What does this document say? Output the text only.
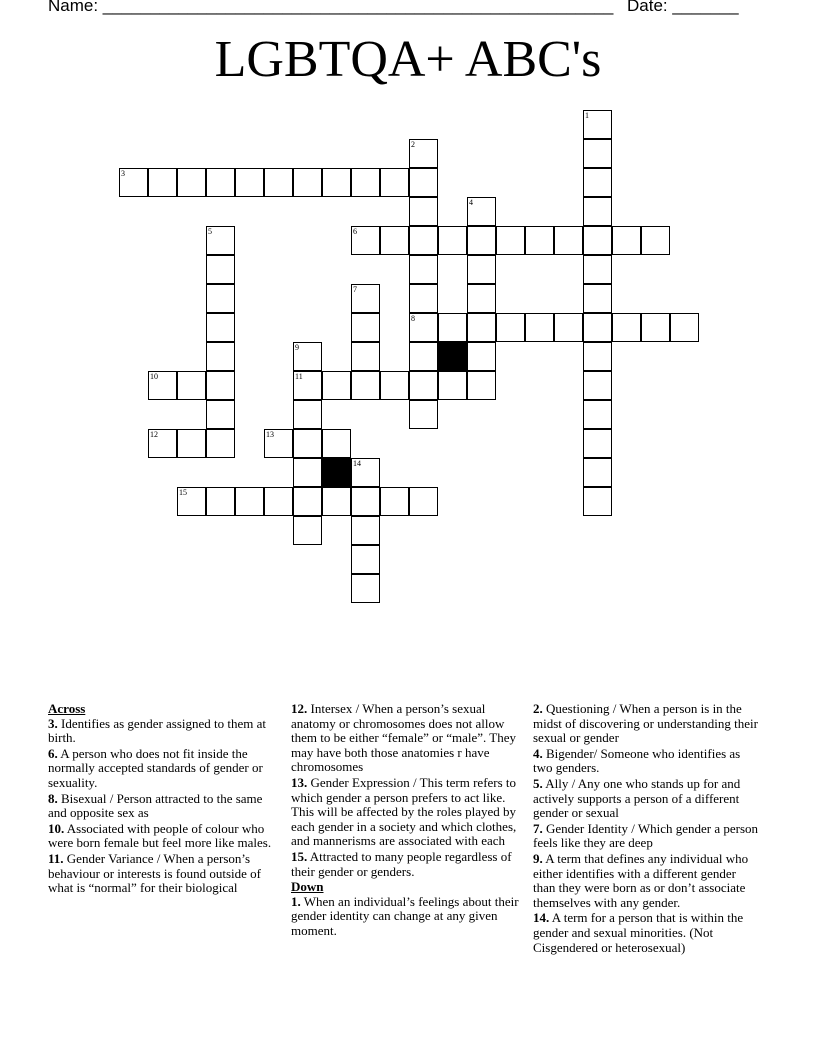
Name: ______________________________________________________ Date: _______
LGBTQA+ ABC's
1
2
8
3
4
5	6
7
9
11
10
12	13
14
15
Across
3. Identifies as gender assigned to them at birth.
6. A person who does not fit inside the normally accepted standards of gender or sexuality.
8. Bisexual / Person attracted to the same and opposite sex as
10. Associated with people of colour who were born female but feel more like males.
11. Gender Variance / When a person’s behaviour or interests is found outside of what is “normal” for their biological
12. Intersex / When a person’s sexual anatomy or chromosomes does not allow them to be either “female” or “male”. They may have both those anatomies r have chromosomes
13. Gender Expression / This term refers to which gender a person prefers to act like. This will be affected by the roles played by each gender in a society and which clothes, and mannerisms are associated with each
15. Attracted to many people regardless of their gender or genders.
Down
1. When an individual’s feelings about their gender identity can change at any given moment.
2. Questioning / When a person is in the midst of discovering or understanding their sexual or gender
4. Bigender/ Someone who identifies as two genders.
5. Ally / Any one who stands up for and actively supports a person of a different gender or sexual
7. Gender Identity / Which gender a person feels like they are deep
9. A term that defines any individual who either identifies with a different gender than they were born as or don’t associate themselves with any gender.
14. A term for a person that is within the gender and sexual minorities. (Not Cisgendered or heterosexual)
